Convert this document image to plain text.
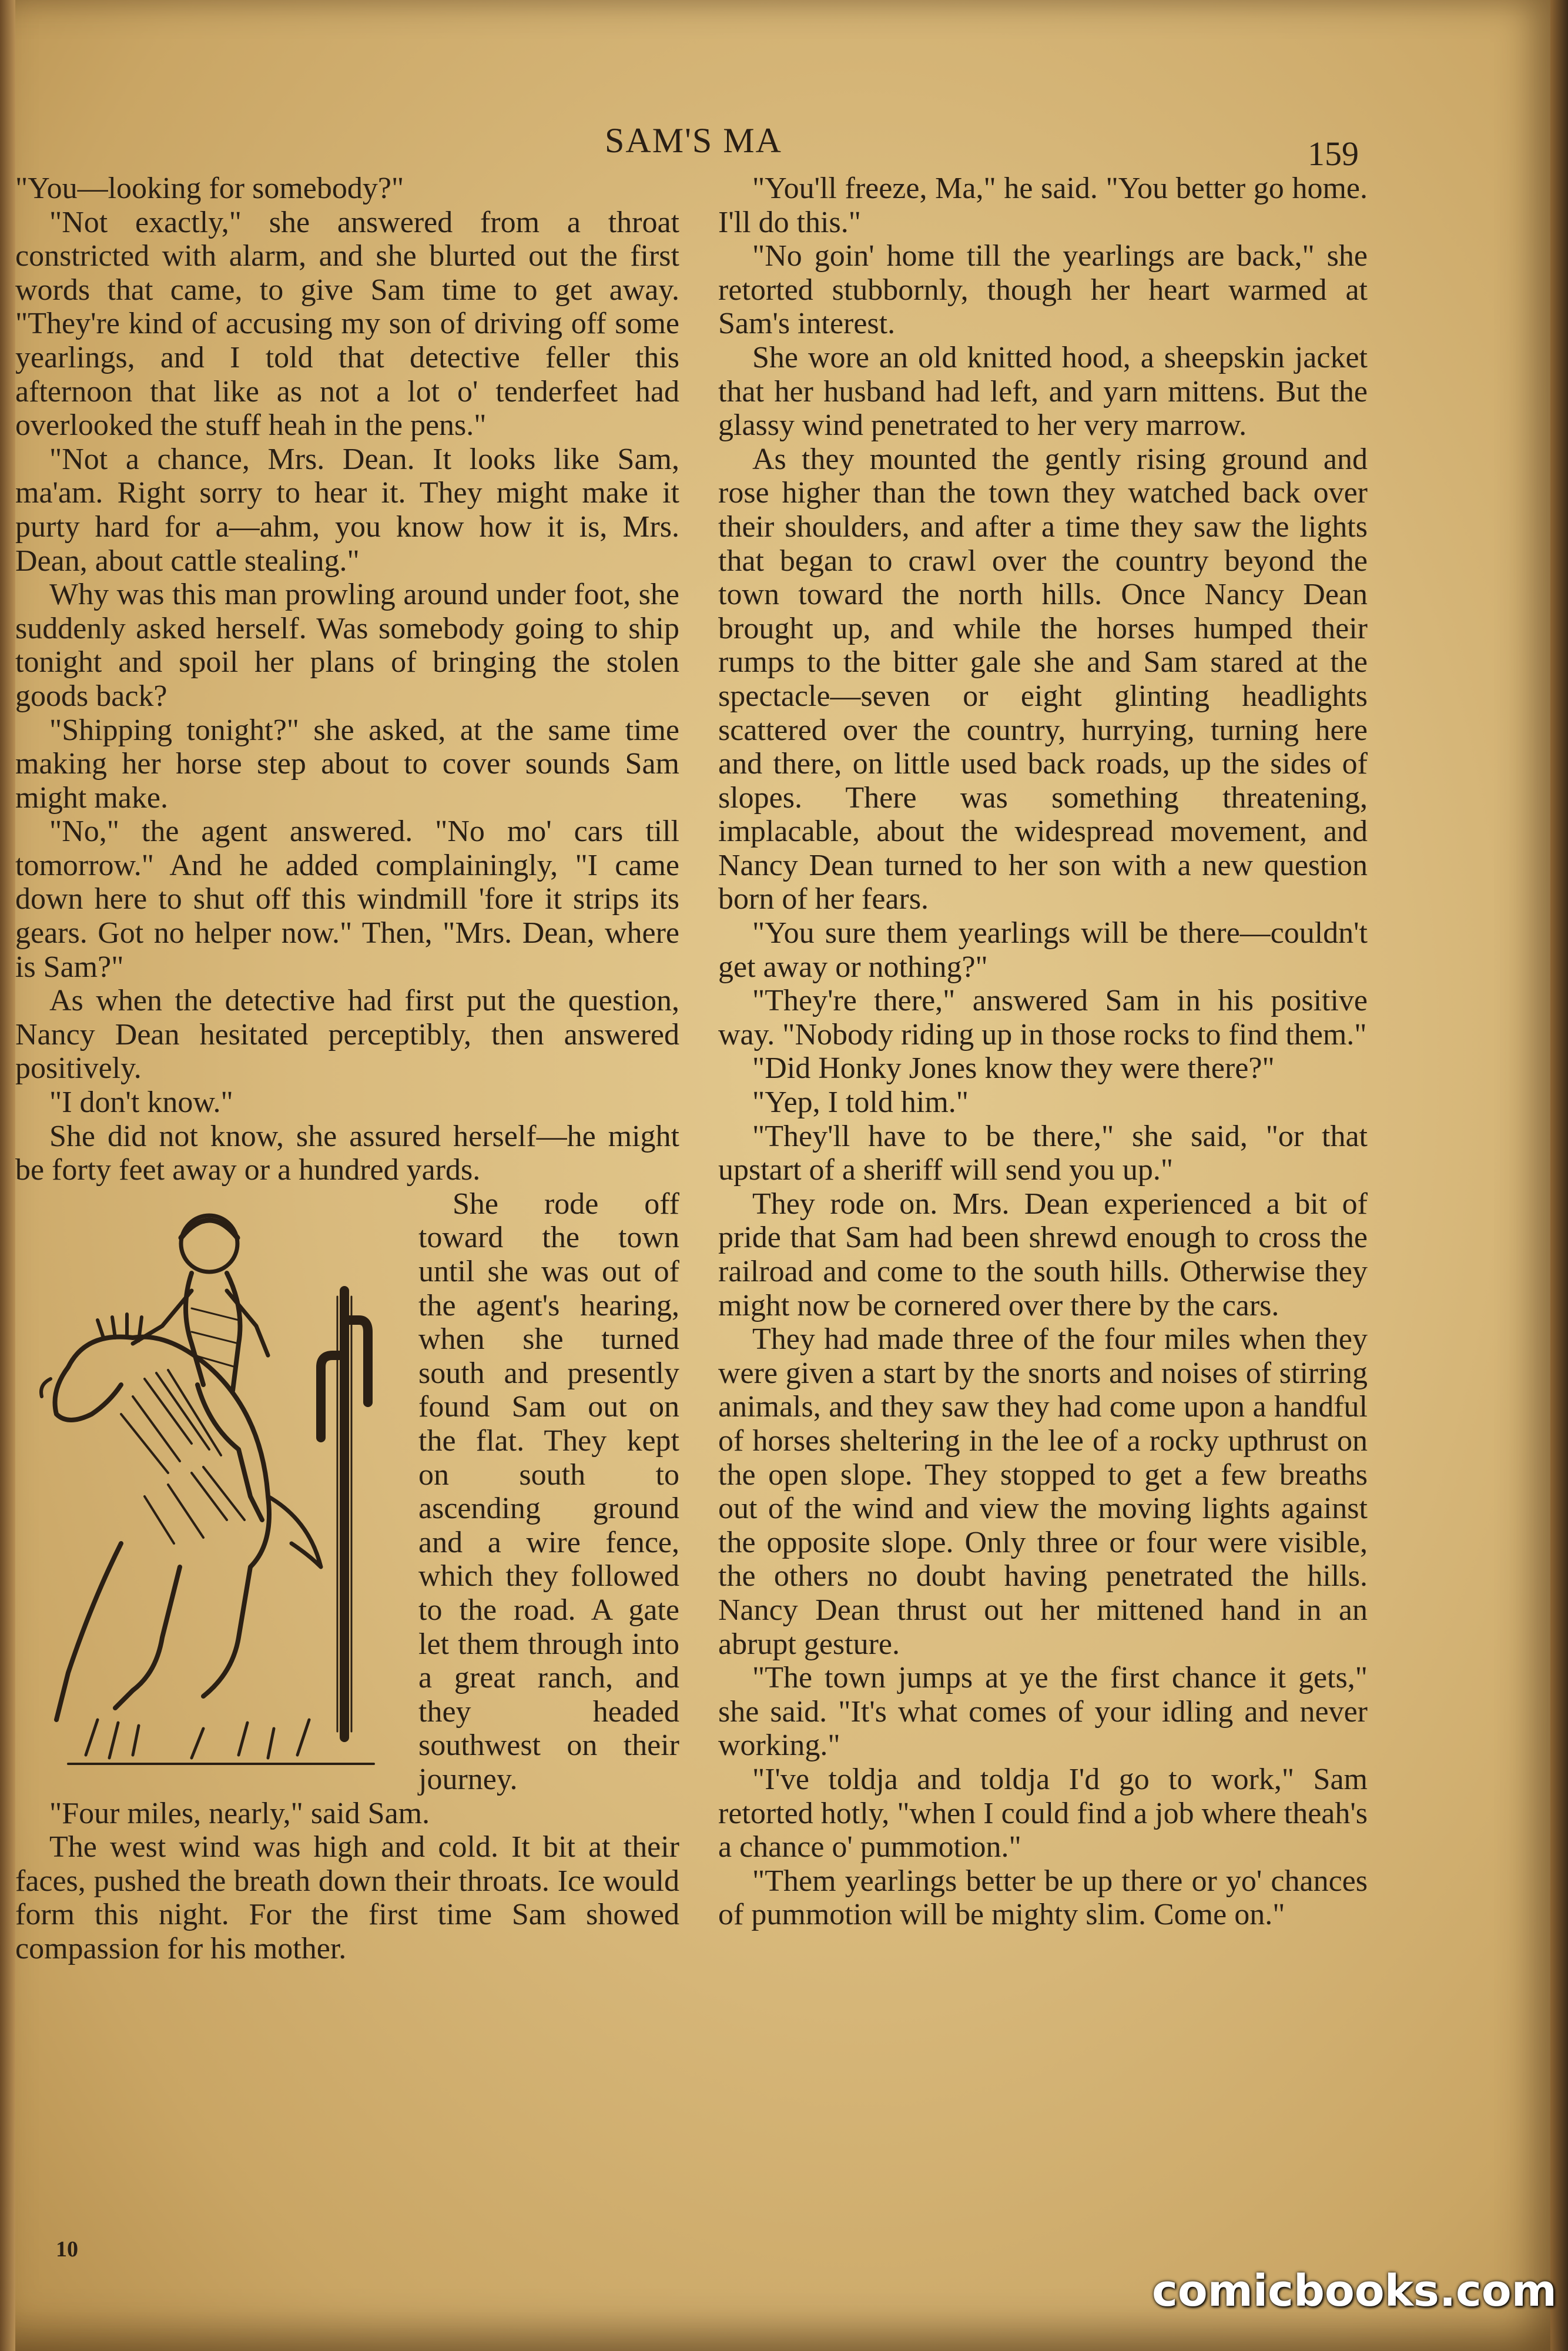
SAM'S MA	159

"You—looking for somebody?"

"Not exactly," she answered from a throat constricted with alarm, and she blurted out the first words that came, to give Sam time to get away. "They're kind of accusing my son of driving off some yearlings, and I told that detective feller this afternoon that like as not a lot o' tenderfeet had overlooked the stuff heah in the pens."

"Not a chance, Mrs. Dean. It looks like Sam, ma'am. Right sorry to hear it. They might make it purty hard for a—ahm, you know how it is, Mrs. Dean, about cattle stealing."

Why was this man prowling around under foot, she suddenly asked herself. Was somebody going to ship tonight and spoil her plans of bringing the stolen goods back?

"Shipping tonight?" she asked, at the same time making her horse step about to cover sounds Sam might make.

"No," the agent answered. "No mo' cars till tomorrow." And he added complainingly, "I came down here to shut off this windmill 'fore it strips its gears. Got no helper now." Then, "Mrs. Dean, where is Sam?"

As when the detective had first put the question, Nancy Dean hesitated perceptibly, then answered positively.

"I don't know."

She did not know, she assured herself—he might be forty feet away or a hundred yards.

She rode off toward the town until she was out of the agent's hearing, when she turned south and presently found Sam out on the flat. They kept on south to ascending ground and a wire fence, which they followed to the road. A gate let them through into a great ranch, and they headed southwest on their journey.

"Four miles, nearly," said Sam.

The west wind was high and cold. It bit at their faces, pushed the breath down their throats. Ice would form this night. For the first time Sam showed compassion for his mother.

"You'll freeze, Ma," he said. "You better go home. I'll do this."

"No goin' home till the yearlings are back," she retorted stubbornly, though her heart warmed at Sam's interest.

She wore an old knitted hood, a sheepskin jacket that her husband had left, and yarn mittens. But the glassy wind penetrated to her very marrow.

As they mounted the gently rising ground and rose higher than the town they watched back over their shoulders, and after a time they saw the lights that began to crawl over the country beyond the town toward the north hills. Once Nancy Dean brought up, and while the horses humped their rumps to the bitter gale she and Sam stared at the spectacle—seven or eight glinting headlights scattered over the country, hurrying, turning here and there, on little used back roads, up the sides of slopes. There was something threatening, implacable, about the widespread movement, and Nancy Dean turned to her son with a new question born of her fears.

"You sure them yearlings will be there—couldn't get away or nothing?"

"They're there," answered Sam in his positive way. "Nobody riding up in those rocks to find them."

"Did Honky Jones know they were there?"

"Yep, I told him."

"They'll have to be there," she said, "or that upstart of a sheriff will send you up."

They rode on. Mrs. Dean experienced a bit of pride that Sam had been shrewd enough to cross the railroad and come to the south hills. Otherwise they might now be cornered over there by the cars.

They had made three of the four miles when they were given a start by the snorts and noises of stirring animals, and they saw they had come upon a handful of horses sheltering in the lee of a rocky upthrust on the open slope. They stopped to get a few breaths out of the wind and view the moving lights against the opposite slope. Only three or four were visible, the others no doubt having penetrated the hills. Nancy Dean thrust out her mittened hand in an abrupt gesture.

"The town jumps at ye the first chance it gets," she said. "It's what comes of your idling and never working."

"I've toldja and toldja I'd go to work," Sam retorted hotly, "when I could find a job where theah's a chance o' pummotion."

"Them yearlings better be up there or yo' chances of pummotion will be mighty slim. Come on."

10
comicbooks.com
